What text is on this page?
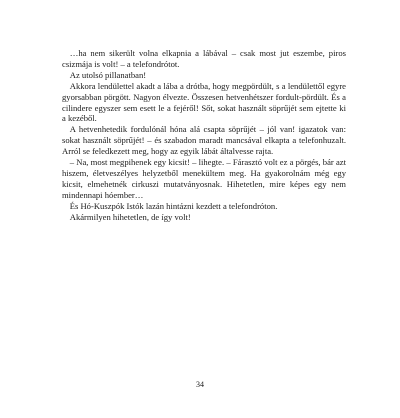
…ha nem sikerült volna elkapnia a lábával – csak most jut eszembe, piros csizmája is volt! – a telefondrótot.

Az utolsó pillanatban!

Akkora lendülettel akadt a lába a drótba, hogy megpördült, s a lendülettől egyre gyorsabban pörgött. Nagyon élvezte. Összesen hetvenhétszer fordult-pördült. És a cilindere egyszer sem esett le a fejéről! Sőt, sokat használt söprűjét sem ejtette ki a kezéből.

A hetvenhetedik fordulónál hóna alá csapta söprűjét – jól van! igazatok van: sokat használt söprűjét! – és szabadon maradt mancsával elkapta a telefonhuzalt. Arról se feledkezett meg, hogy az egyik lábát általvesse rajta.

– Na, most megpihenek egy kicsit! – lihegte. – Fárasztó volt ez a pörgés, bár azt hiszem, életveszélyes helyzetből menekültem meg. Ha gyakorolnám még egy kicsit, elmehetnék cirkuszi mutatványosnak. Hihetetlen, mire képes egy nem mindennapi hóember…

És Hó-Kuszpók Istók lazán hintázni kezdett a telefondróton.

Akármilyen hihetetlen, de így volt!

34
